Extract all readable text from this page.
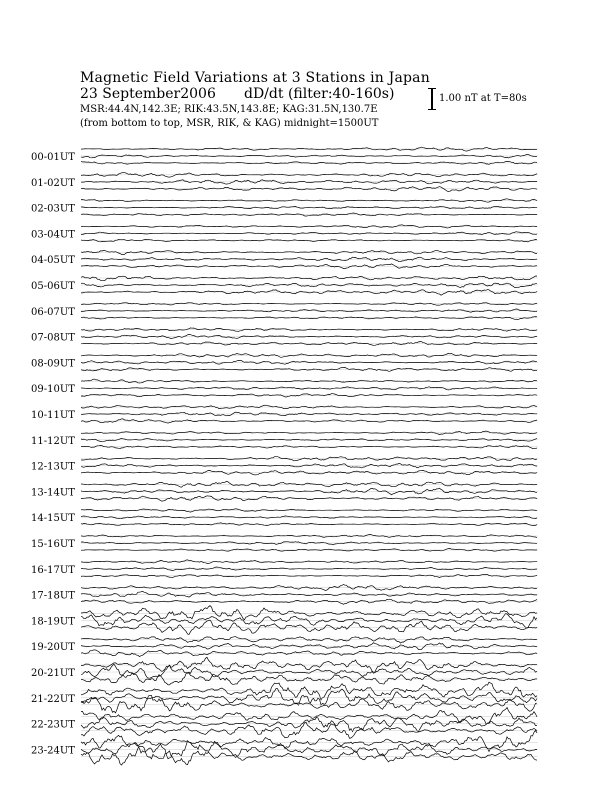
Magnetic Field Variations at 3 Stations in Japan
23 September2006 dD/dt (filter:40-160s)
MSR:44.4N,142.3E; RIK:43.5N,143.8E; KAG:31.5N,130.7E
(from bottom to top, MSR, RIK, & KAG) midnight=1500UT
1.00 nT at T=80s
00-01UT
01-02UT
02-03UT
03-04UT
04-05UT
05-06UT
06-07UT
07-08UT
08-09UT
09-10UT
10-11UT
11-12UT
12-13UT
13-14UT
14-15UT
15-16UT
16-17UT
17-18UT
18-19UT
19-20UT
20-21UT
21-22UT
22-23UT
23-24UT
